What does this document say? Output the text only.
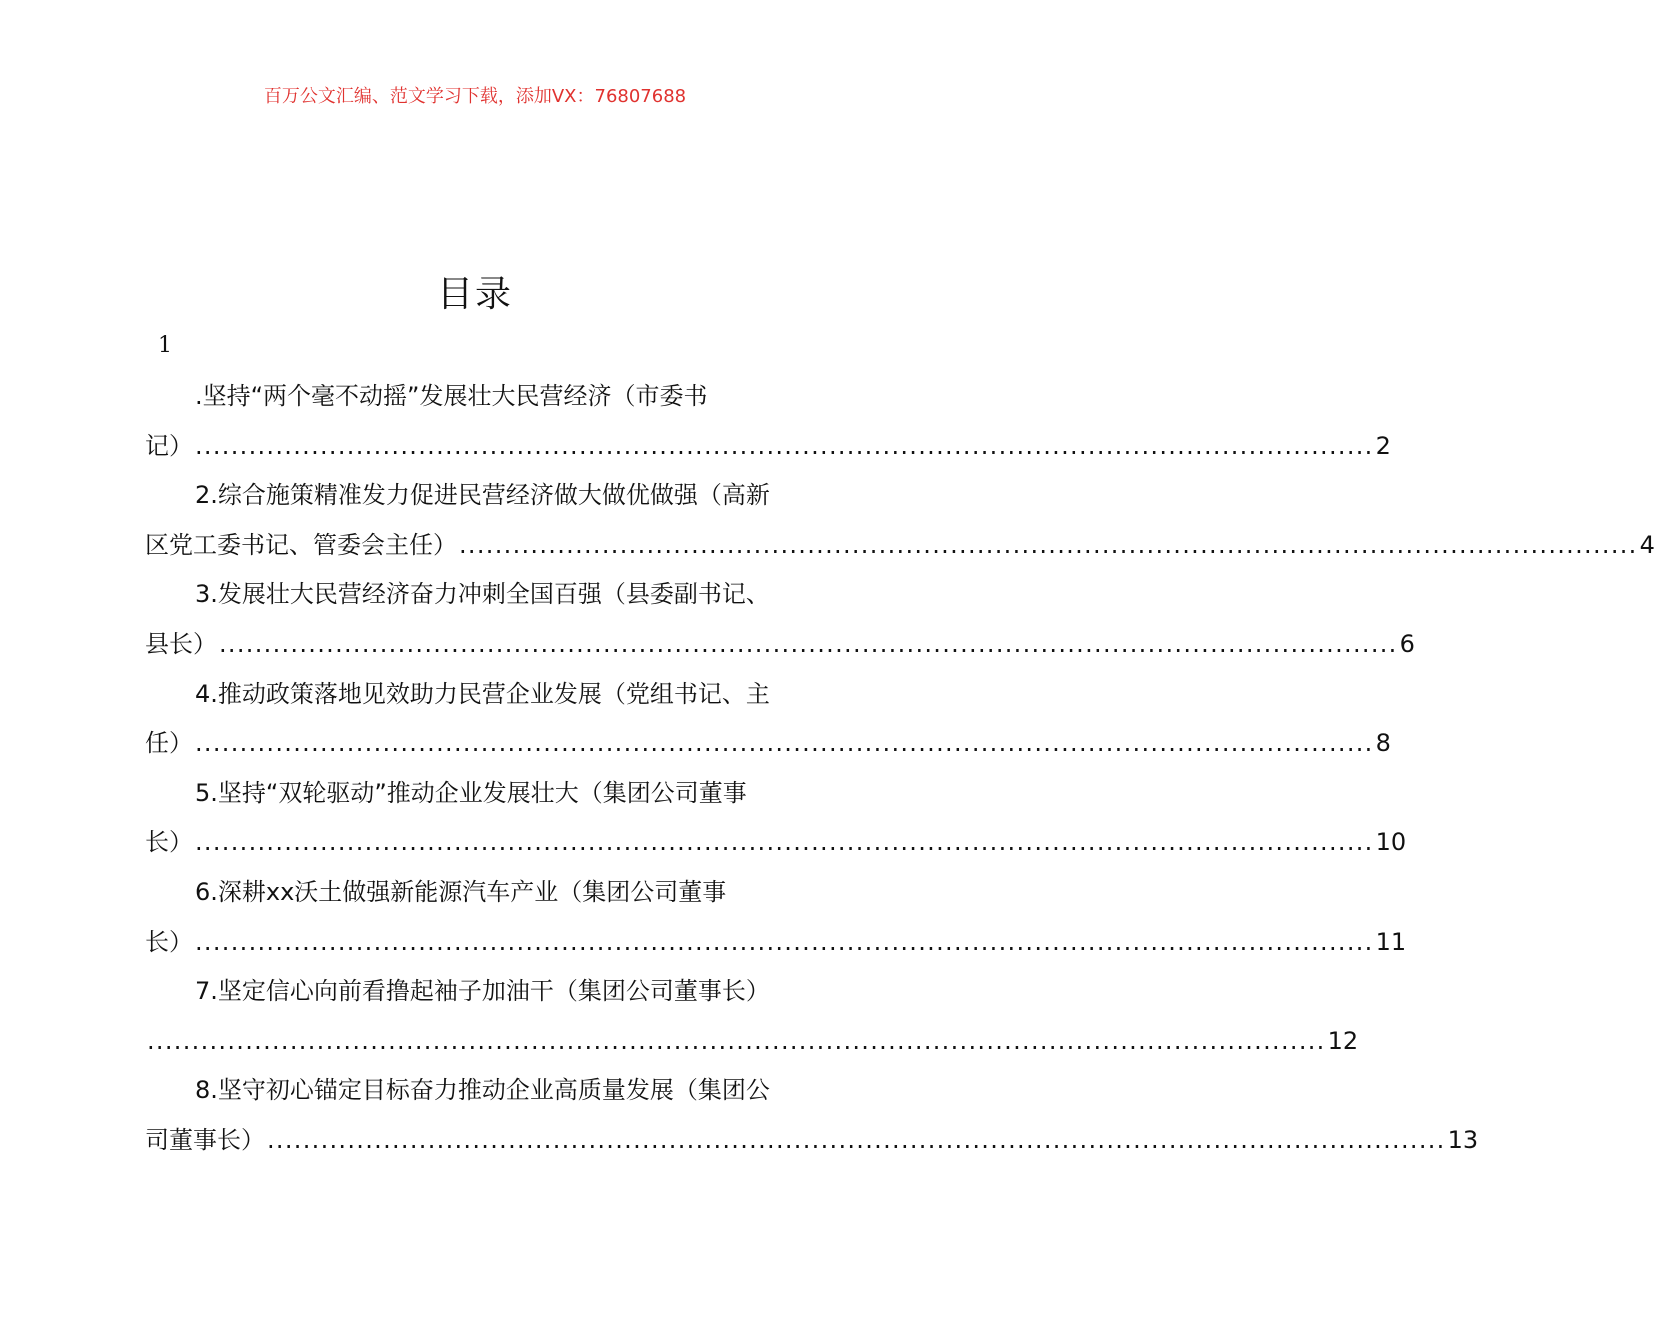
百万公文汇编、范文学习下载，添加VX：76807688
目录
1
.坚持“两个毫不动摇”发展壮大民营经济（市委书
记） .................................................................................................................................... 2
2.综合施策精准发力促进民营经济做大做优做强（高新
区党工委书记、管委会主任） .................................................................................................................................... 4
3.发展壮大民营经济奋力冲刺全国百强（县委副书记、
县长） .................................................................................................................................... 6
4.推动政策落地见效助力民营企业发展（党组书记、主
任） .................................................................................................................................... 8
5.坚持“双轮驱动”推动企业发展壮大（集团公司董事
长） .................................................................................................................................... 10
6.深耕xx沃土做强新能源汽车产业（集团公司董事
长） .................................................................................................................................... 11
7.坚定信心向前看撸起袖子加油干（集团公司董事长）
.................................................................................................................................... 12
8.坚守初心锚定目标奋力推动企业高质量发展（集团公
司董事长） .................................................................................................................................... 13
